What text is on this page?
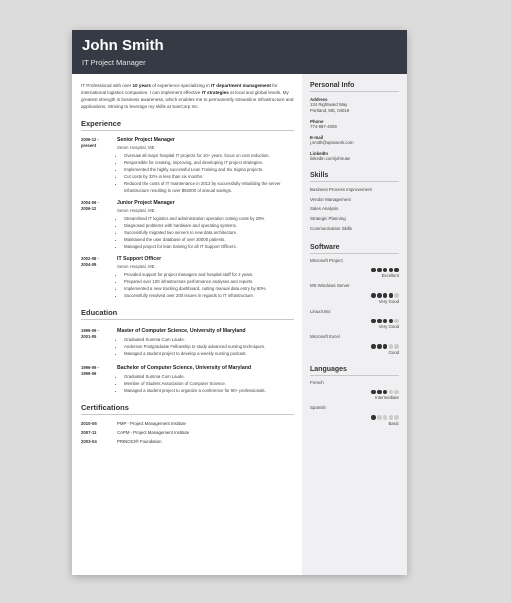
John Smith
IT Project Manager
IT Professional with over 10 years of experience specializing in IT department management for international logistics companies. I can implement effective IT strategies at local and global levels. My greatest strength is business awareness, which enables me to permanently streamline infrastructure and applications. Striving to leverage my skills at SanCorp Inc.
Experience
2006-12 -
present
Senior Project Manager
Seton Hospital, ME
• Oversaw all major hospital IT projects for 10+ years, focus on cost reduction.
• Responsible for creating, improving, and developing IT project strategies.
• Implemented the highly successful Lean Training and Six Sigma projects.
• Cut costs by 32% in less than six months.
• Reduced the costs of IT maintenance in 2013 by successfully rebuilding the server infrastructure resulting in over $92000 of annual savings.
2004-09 -
2006-12
Junior Project Manager
Seton Hospital, ME
• Streamlined IT logistics and administration operation cutting costs by 29%
• Diagnosed problems with hardware and operating systems.
• Successfully migrated two servers to new data architecture.
• Maintained the user database of over 30000 patients.
• Managed project for lean training for all IT Support Officers.
2002-08 -
2004-09
IT Support Officer
Seton Hospital, ME
• Provided support for project managers and hospital staff for 2 years.
• Prepared over 100 infrastructure performance analyses and reports.
• Implemented a new tracking dashboard, cutting manual data entry by 80%.
• Successfully resolved over 200 issues in regards to IT infrastructure.
Education
1999-09 -
2001-05
Master of Computer Science, University of Maryland
• Graduated Summa Cum Laude.
• Anderson Postgraduate Fellowship to study advanced nursing techniques.
• Managed a student project to develop a weekly nursing podcast.
1996-09 -
1999-06
Bachelor of Computer Science, University of Maryland
• Graduated Summa Cum Laude.
• Member of Student Association of Computer Science.
• Managed a student project to organize a conference for 90+ professionals.
Certifications
2010-05	PMP - Project Management Institute
2007-11	CAPM - Project Management Institute
2003-04	PRINCE2® Foundation
Personal Info
Address
134 Rightward Way
Portland, ME, 04019
Phone
774-987-4009
E-mail
j.smith@uptowork.com
LinkedIn
linkedin.com/johnutw
Skills
Business Process Improvement
Vendor Management
Sales Analysis
Strategic Planning
Communication Skills
Software
Microsoft Project
Excellent
MS Windows Server
Very Good
Linux/Unix
Very Good
Microsoft Excel
Good
Languages
French
Intermediate
Spanish
Basic
